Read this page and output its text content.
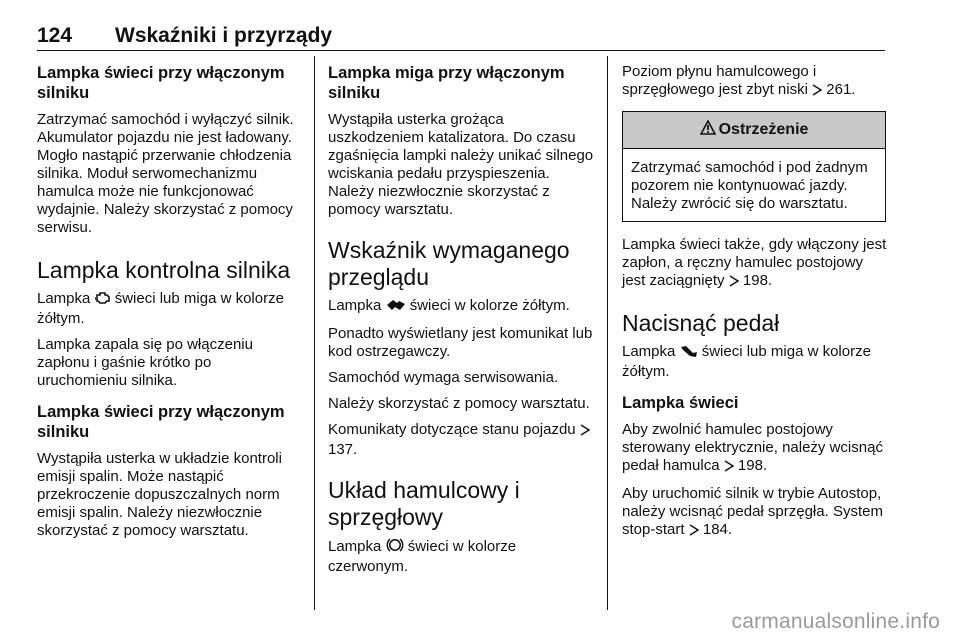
124	Wskaźniki i przyrządy
Lampka świeci przy włączonym silniku
Zatrzymać samochód i wyłączyć silnik. Akumulator pojazdu nie jest ładowany. Mogło nastąpić przerwanie chłodzenia silnika. Moduł serwomechanizmu hamulca może nie funkcjonować wydajnie. Należy skorzystać z pomocy serwisu.
Lampka kontrolna silnika
Lampka świeci lub miga w kolorze żółtym.
Lampka zapala się po włączeniu zapłonu i gaśnie krótko po uruchomieniu silnika.
Lampka świeci przy włączonym silniku
Wystąpiła usterka w układzie kontroli emisji spalin. Może nastąpić przekroczenie dopuszczalnych norm emisji spalin. Należy niezwłocznie skorzystać z pomocy warsztatu.
Lampka miga przy włączonym silniku
Wystąpiła usterka grożąca uszkodzeniem katalizatora. Do czasu zgaśnięcia lampki należy unikać silnego wciskania pedału przyspieszenia. Należy niezwłocznie skorzystać z pomocy warsztatu.
Wskaźnik wymaganego przeglądu
Lampka świeci w kolorze żółtym.
Ponadto wyświetlany jest komunikat lub kod ostrzegawczy.
Samochód wymaga serwisowania.
Należy skorzystać z pomocy warsztatu.
Komunikaty dotyczące stanu pojazdu  137.
Układ hamulcowy i sprzęgłowy
Lampka świeci w kolorze czerwonym.
Poziom płynu hamulcowego i sprzęgłowego jest zbyt niski 261.
Ostrzeżenie
Zatrzymać samochód i pod żadnym pozorem nie kontynuować jazdy. Należy zwrócić się do warsztatu.
Lampka świeci także, gdy włączony jest zapłon, a ręczny hamulec postojowy jest zaciągnięty 198.
Nacisnąć pedał
Lampka świeci lub miga w kolorze żółtym.
Lampka świeci
Aby zwolnić hamulec postojowy sterowany elektrycznie, należy wcisnąć pedał hamulca 198.
Aby uruchomić silnik w trybie Autostop, należy wcisnąć pedał sprzęgła. System stop-start 184.
carmanualsonline.info
